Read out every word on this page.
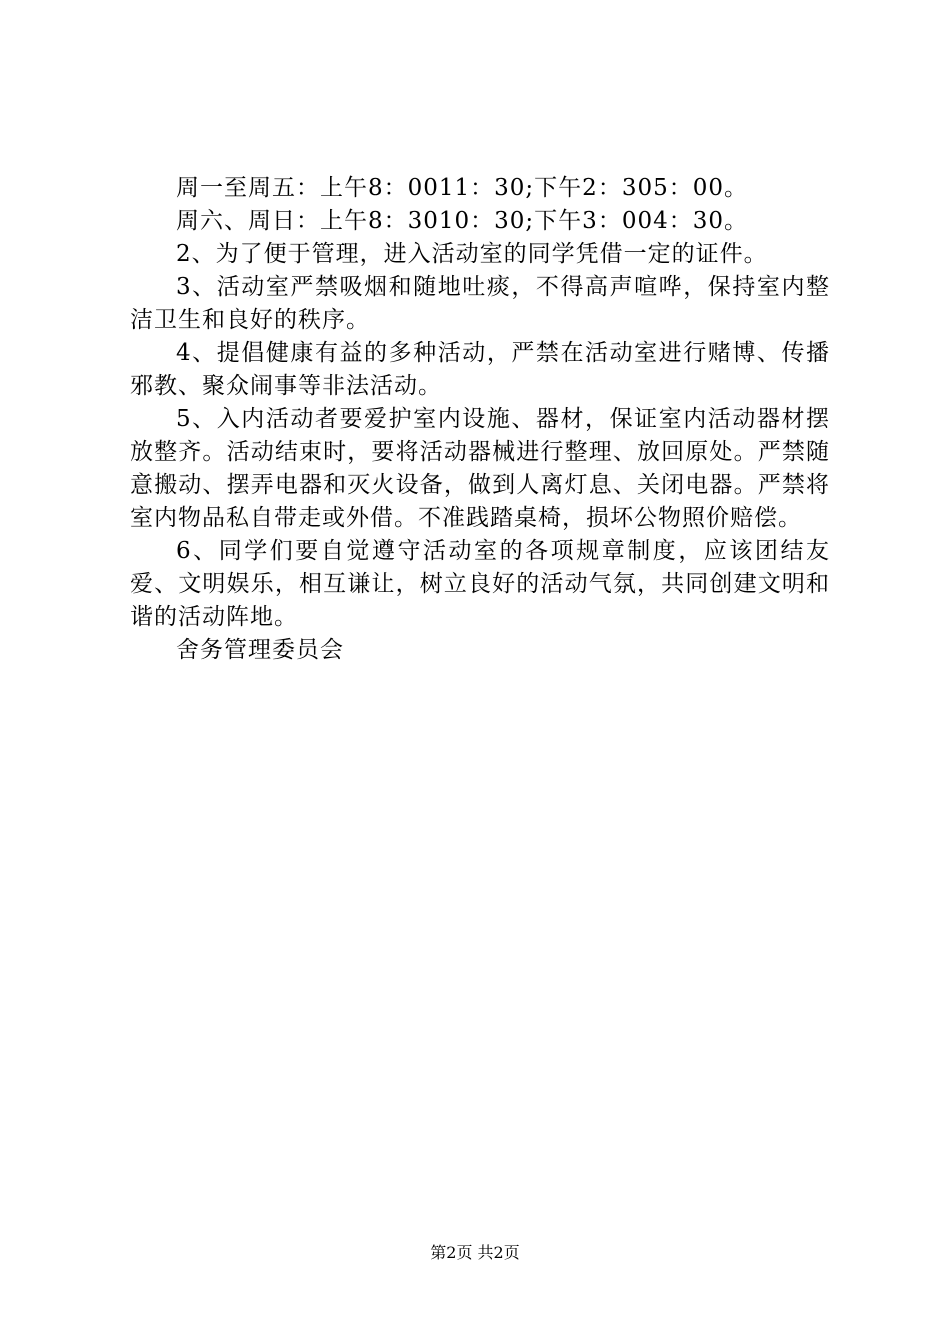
周一至周五：上午8：0011：30;下午2：305：00。

周六、周日：上午8：3010：30;下午3：004：30。

2、为了便于管理，进入活动室的同学凭借一定的证件。

3、活动室严禁吸烟和随地吐痰，不得高声喧哗，保持室内整洁卫生和良好的秩序。

4、提倡健康有益的多种活动，严禁在活动室进行赌博、传播邪教、聚众闹事等非法活动。

5、入内活动者要爱护室内设施、器材，保证室内活动器材摆放整齐。活动结束时，要将活动器械进行整理、放回原处。严禁随意搬动、摆弄电器和灭火设备，做到人离灯息、关闭电器。严禁将室内物品私自带走或外借。不准践踏桌椅，损坏公物照价赔偿。

6、同学们要自觉遵守活动室的各项规章制度，应该团结友爱、文明娱乐，相互谦让，树立良好的活动气氛，共同创建文明和谐的活动阵地。

舍务管理委员会

第2页 共2页
